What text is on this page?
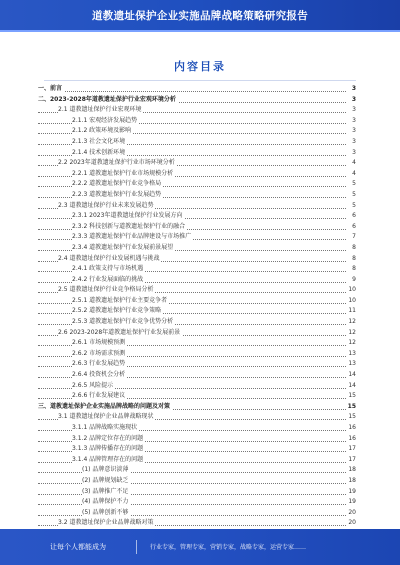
道教遗址保护企业实施品牌战略策略研究报告
内容目录
一、前言	3
二、2023-2028年道教遗址保护行业宏观环境分析	3
2.1 道教遗址保护行业宏观环境	3
2.1.1 宏观经济发展趋势	3
2.1.2 政策环境及影响	3
2.1.3 社会文化环境	3
2.1.4 技术创新环境	3
2.2 2023年道教遗址保护行业市场环境分析	4
2.2.1 道教遗址保护行业市场规模分析	4
2.2.2 道教遗址保护行业竞争格局	5
2.2.3 道教遗址保护行业发展趋势	5
2.3 道教遗址保护行业未来发展趋势	5
2.3.1 2023年道教遗址保护行业发展方向	6
2.3.2 科技创新与道教遗址保护行业的融合	6
2.3.3 道教遗址保护行业品牌建设与市场推广	7
2.3.4 道教遗址保护行业发展前景展望	8
2.4 道教遗址保护行业发展机遇与挑战	8
2.4.1 政策支持与市场机遇	8
2.4.2 行业发展面临的挑战	9
2.5 道教遗址保护行业竞争格局分析	10
2.5.1 道教遗址保护行业主要竞争者	10
2.5.2 道教遗址保护行业竞争策略	11
2.5.3 道教遗址保护行业竞争优势分析	12
2.6 2023-2028年道教遗址保护行业发展前景	12
2.6.1 市场规模预测	12
2.6.2 市场需求预测	13
2.6.3 行业发展趋势	13
2.6.4 投资机会分析	14
2.6.5 风险提示	14
2.6.6 行业发展建议	15
三、道教遗址保护企业实施品牌战略的问题及对策	15
3.1 道教遗址保护企业品牌战略现状	15
3.1.1 品牌战略实施现状	16
3.1.2 品牌定位存在的问题	16
3.1.3 品牌传播存在的问题	17
3.1.4 品牌管理存在的问题	17
(1) 品牌意识淡薄	18
(2) 品牌规划缺乏	18
(3) 品牌推广不足	19
(4) 品牌保护不力	19
(5) 品牌创新不够	20
3.2 道教遗址保护企业品牌战略对策	20
让每个人都能成为	行业专家，管理专家，营销专家，战略专家，运营专家……
